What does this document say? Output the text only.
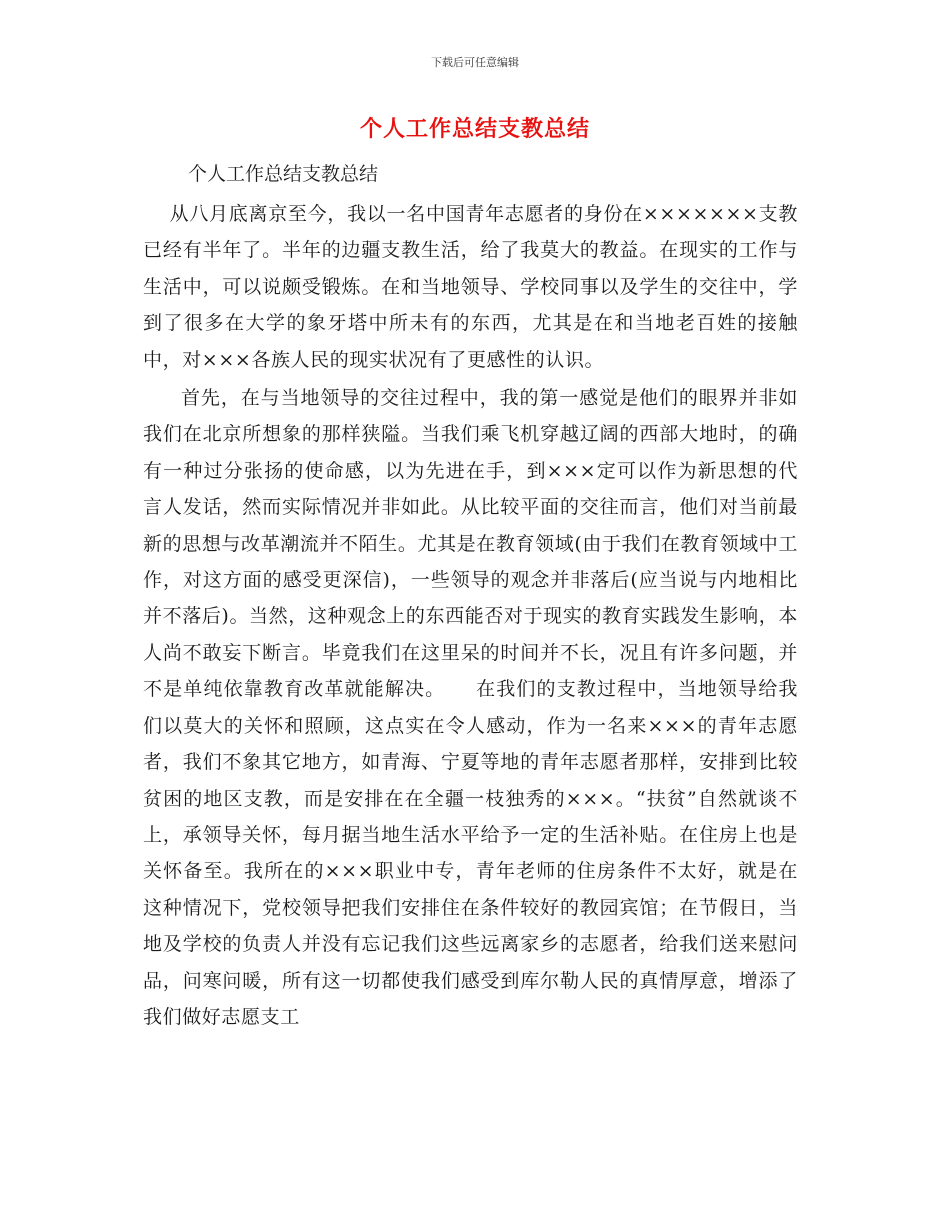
下载后可任意编辑
个人工作总结支教总结
个人工作总结支教总结

从八月底离京至今，我以一名中国青年志愿者的身份在×××××××支教已经有半年了。半年的边疆支教生活，给了我莫大的教益。在现实的工作与生活中，可以说颇受锻炼。在和当地领导、学校同事以及学生的交往中，学到了很多在大学的象牙塔中所未有的东西，尤其是在和当地老百姓的接触中，对×××各族人民的现实状况有了更感性的认识。

首先，在与当地领导的交往过程中，我的第一感觉是他们的眼界并非如我们在北京所想象的那样狭隘。当我们乘飞机穿越辽阔的西部大地时，的确有一种过分张扬的使命感，以为先进在手，到×××定可以作为新思想的代言人发话，然而实际情况并非如此。从比较平面的交往而言，他们对当前最新的思想与改革潮流并不陌生。尤其是在教育领域(由于我们在教育领域中工作，对这方面的感受更深信)，一些领导的观念并非落后(应当说与内地相比并不落后)。当然，这种观念上的东西能否对于现实的教育实践发生影响，本人尚不敢妄下断言。毕竟我们在这里呆的时间并不长，况且有许多问题，并不是单纯依靠教育改革就能解决。　　在我们的支教过程中，当地领导给我们以莫大的关怀和照顾，这点实在令人感动，作为一名来×××的青年志愿者，我们不象其它地方，如青海、宁夏等地的青年志愿者那样，安排到比较贫困的地区支教，而是安排在在全疆一枝独秀的×××。“扶贫”自然就谈不上，承领导关怀，每月据当地生活水平给予一定的生活补贴。在住房上也是关怀备至。我所在的×××职业中专，青年老师的住房条件不太好，就是在这种情况下，党校领导把我们安排住在条件较好的教园宾馆；在节假日，当地及学校的负责人并没有忘记我们这些远离家乡的志愿者，给我们送来慰问品，问寒问暖，所有这一切都使我们感受到库尔勒人民的真情厚意，增添了我们做好志愿支工
